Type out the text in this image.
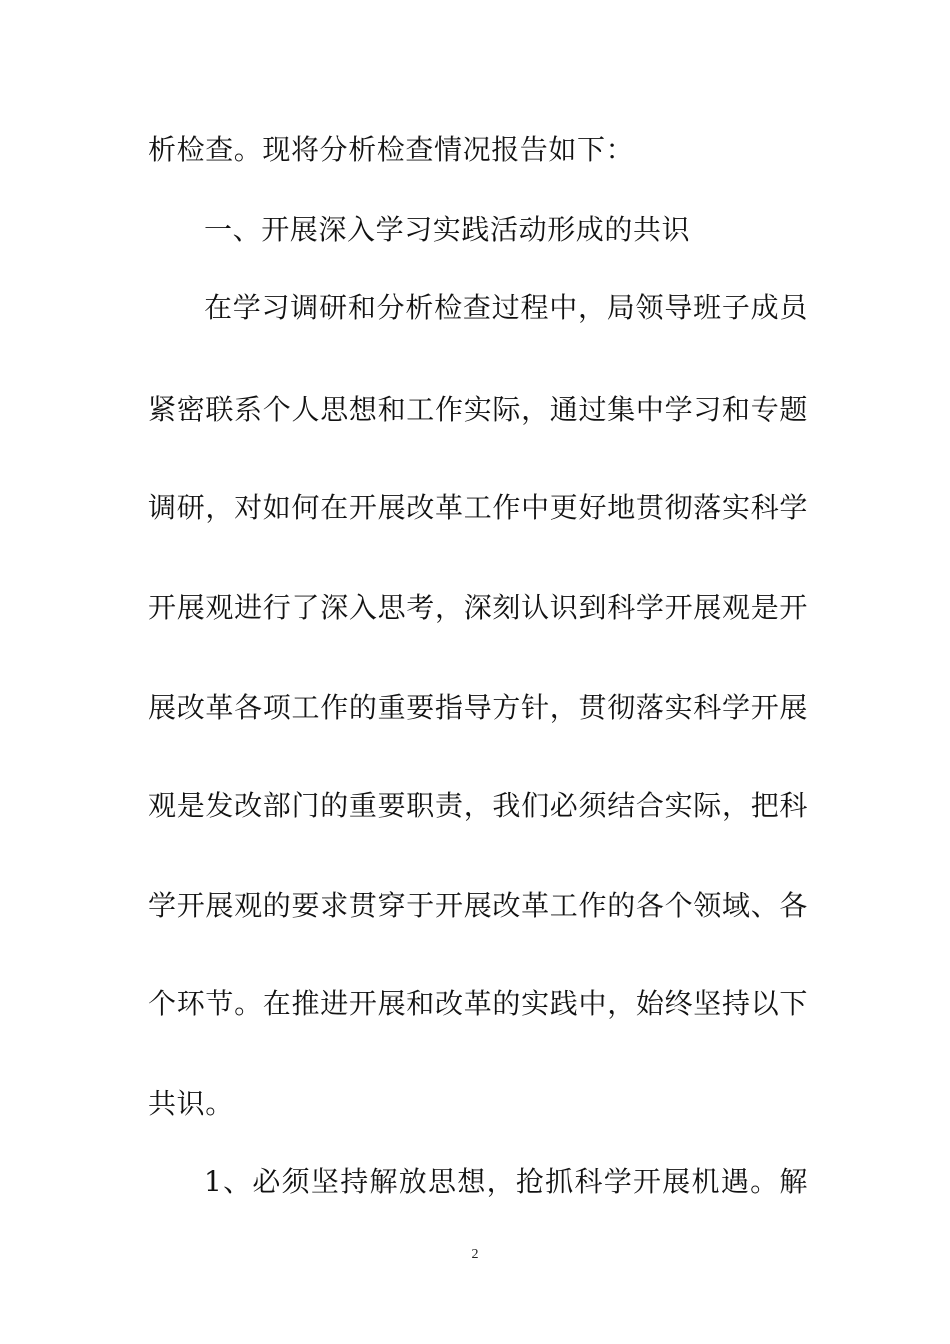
析检查。现将分析检查情况报告如下：
一、开展深入学习实践活动形成的共识
在学习调研和分析检查过程中，局领导班子成员
紧密联系个人思想和工作实际，通过集中学习和专题
调研，对如何在开展改革工作中更好地贯彻落实科学
开展观进行了深入思考，深刻认识到科学开展观是开
展改革各项工作的重要指导方针，贯彻落实科学开展
观是发改部门的重要职责，我们必须结合实际，把科
学开展观的要求贯穿于开展改革工作的各个领域、各
个环节。在推进开展和改革的实践中，始终坚持以下
共识。
1、必须坚持解放思想，抢抓科学开展机遇。解
2
